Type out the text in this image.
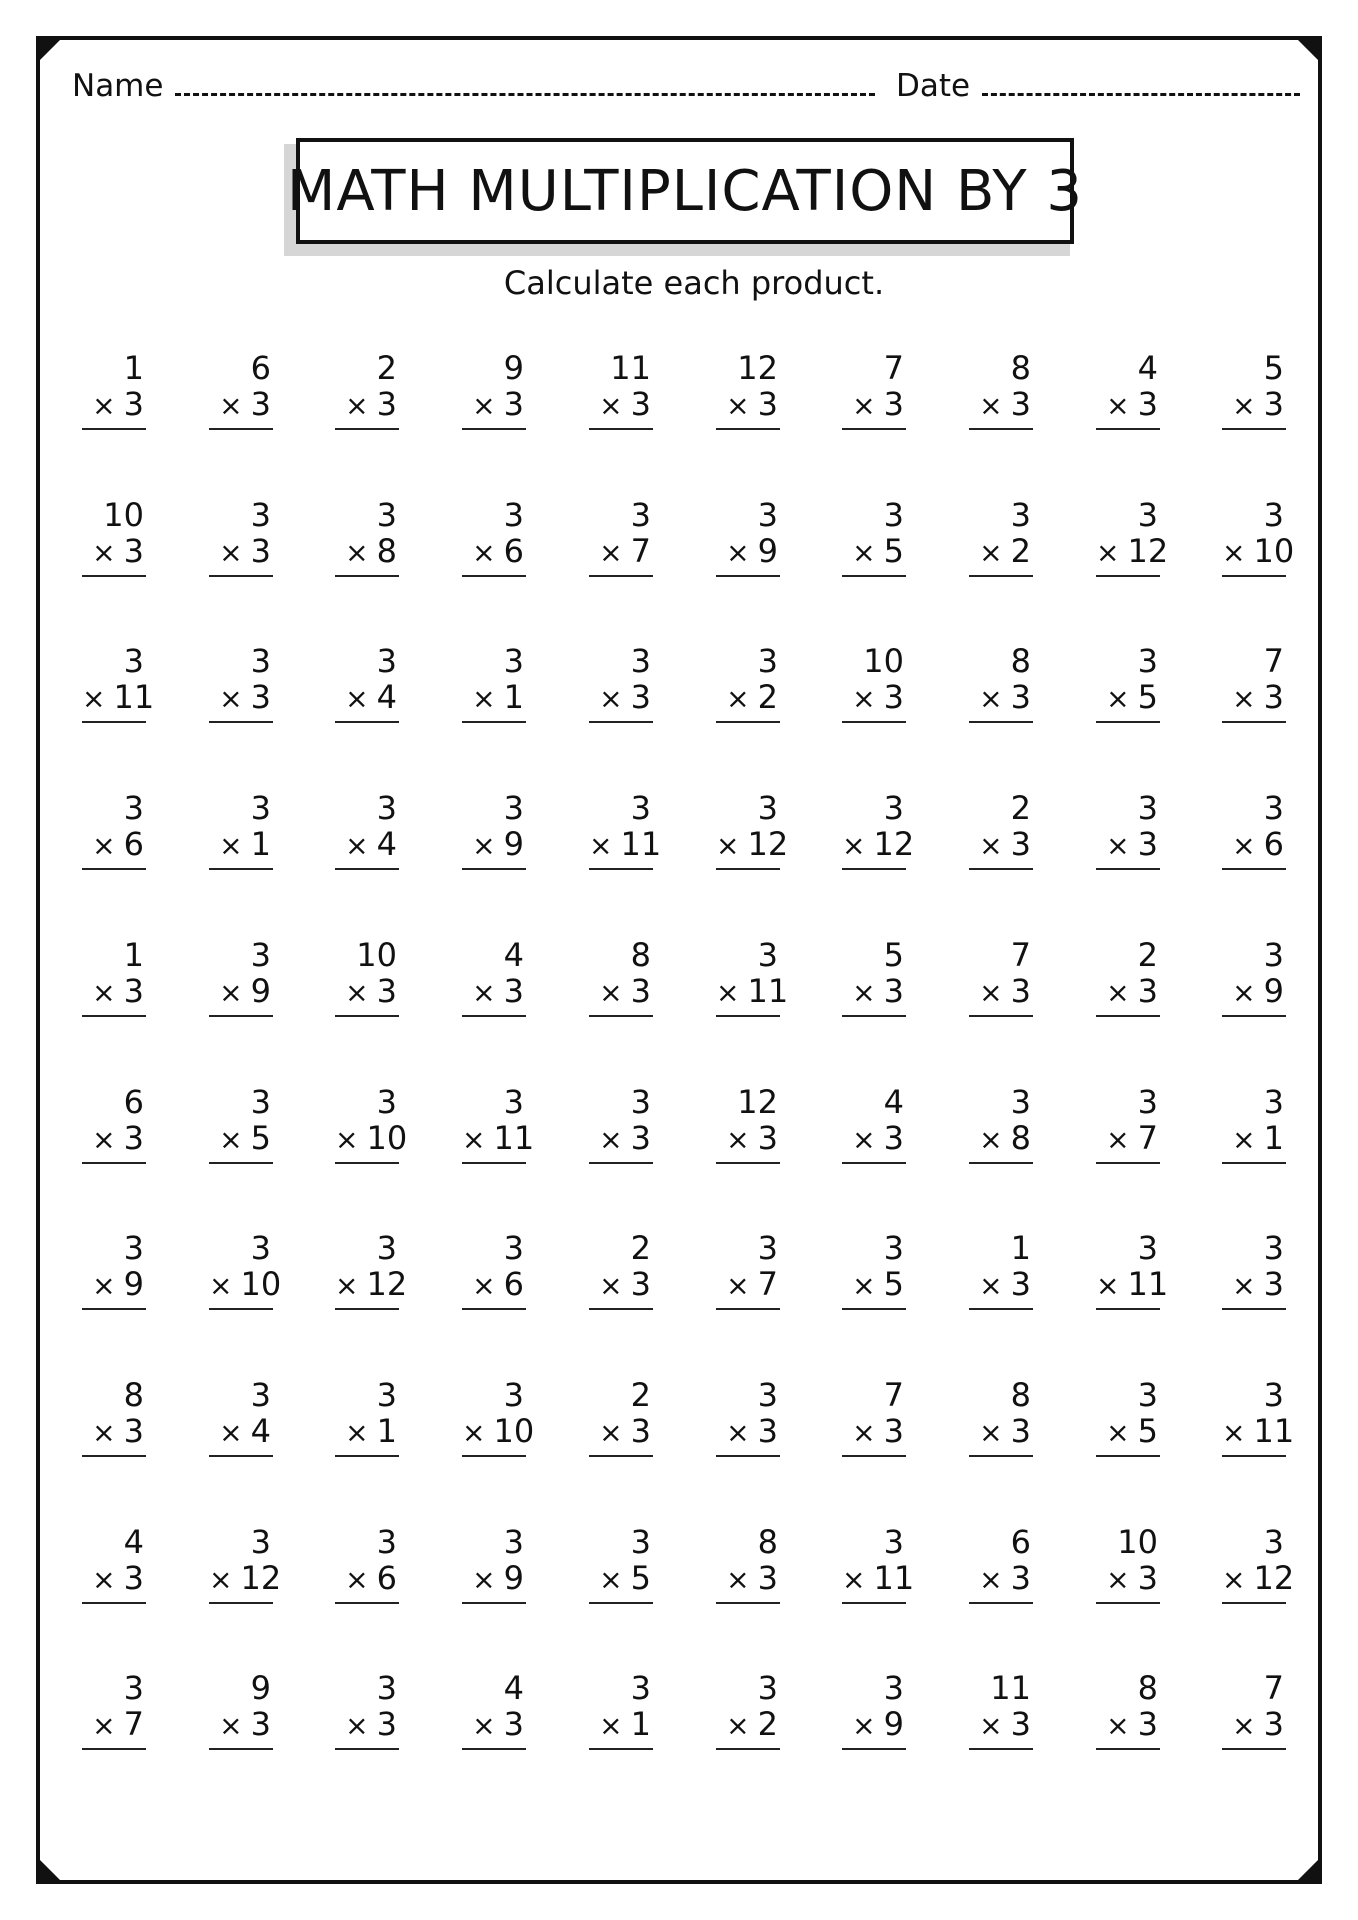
Name	Date
MATH MULTIPLICATION BY 3
Calculate each product.
1
× 3
6
× 3
2
× 3
9
× 3
11
× 3
12
× 3
7
× 3
8
× 3
4
× 3
5
× 3
10
× 3
3
× 3
3
× 8
3
× 6
3
× 7
3
× 9
3
× 5
3
× 2
3
× 12
3
× 10
3
× 11
3
× 3
3
× 4
3
× 1
3
× 3
3
× 2
10
× 3
8
× 3
3
× 5
7
× 3
3
× 6
3
× 1
3
× 4
3
× 9
3
× 11
3
× 12
3
× 12
2
× 3
3
× 3
3
× 6
1
× 3
3
× 9
10
× 3
4
× 3
8
× 3
3
× 11
5
× 3
7
× 3
2
× 3
3
× 9
6
× 3
3
× 5
3
× 10
3
× 11
3
× 3
12
× 3
4
× 3
3
× 8
3
× 7
3
× 1
3
× 9
3
× 10
3
× 12
3
× 6
2
× 3
3
× 7
3
× 5
1
× 3
3
× 11
3
× 3
8
× 3
3
× 4
3
× 1
3
× 10
2
× 3
3
× 3
7
× 3
8
× 3
3
× 5
3
× 11
4
× 3
3
× 12
3
× 6
3
× 9
3
× 5
8
× 3
3
× 11
6
× 3
10
× 3
3
× 12
3
× 7
9
× 3
3
× 3
4
× 3
3
× 1
3
× 2
3
× 9
11
× 3
8
× 3
7
× 3
